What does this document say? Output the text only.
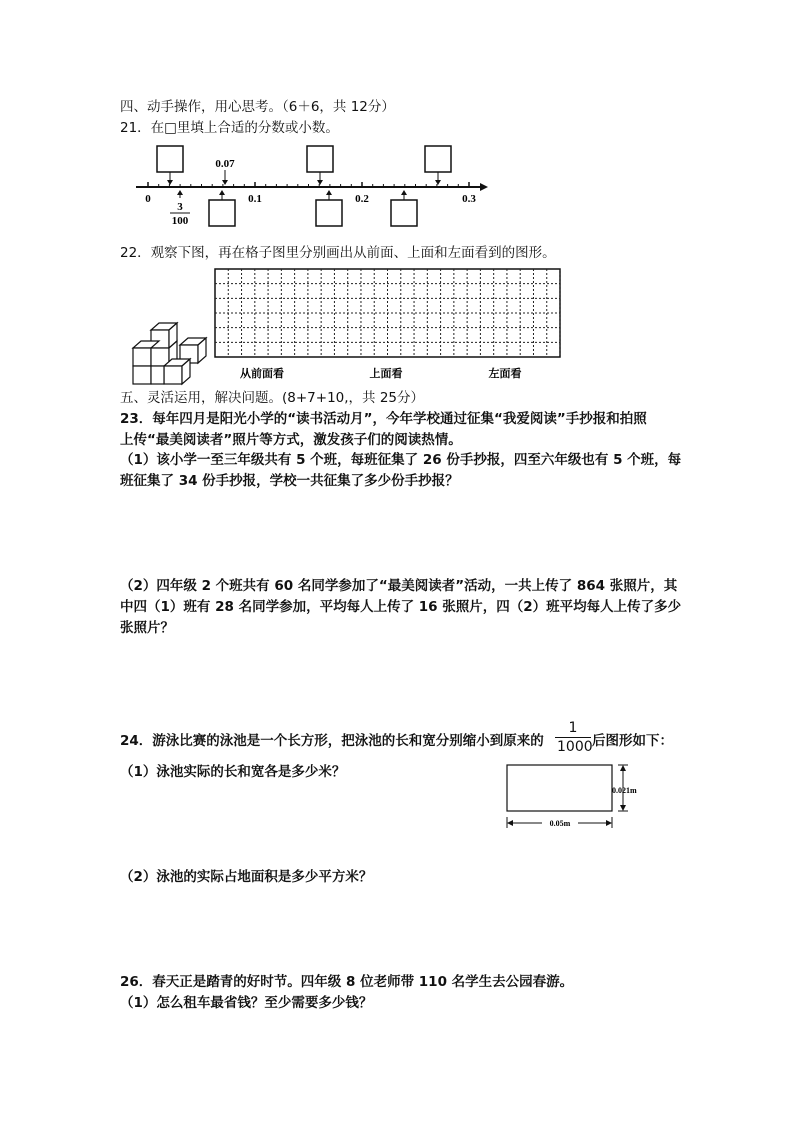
四、动手操作，用心思考。（6＋6，共 12分）
21．在□里填上合适的分数或小数。
0.07
0	0.1	0.2	0.3
3
100
22．观察下图，再在格子图里分别画出从前面、上面和左面看到的图形。
从前面看	上面看	左面看
五、灵活运用，解决问题。(8+7+10,，共 25分）
23．每年四月是阳光小学的“读书活动月”，今年学校通过征集“我爱阅读”手抄报和拍照
上传“最美阅读者”照片等方式，激发孩子们的阅读热情。
（1）该小学一至三年级共有 5 个班，每班征集了 26 份手抄报，四至六年级也有 5 个班，每
班征集了 34 份手抄报，学校一共征集了多少份手抄报？
（2）四年级 2 个班共有 60 名同学参加了“最美阅读者”活动，一共上传了 864 张照片，其
中四（1）班有 28 名同学参加，平均每人上传了 16 张照片，四（2）班平均每人上传了多少
张照片？
24．游泳比赛的泳池是一个长方形，把泳池的长和宽分别缩小到原来的 $\frac{1}{1000}$ 后图形如下：
（1）泳池实际的长和宽各是多少米？
0.021m
0.05m
（2）泳池的实际占地面积是多少平方米？
26．春天正是踏青的好时节。四年级 8 位老师带 110 名学生去公园春游。
（1）怎么租车最省钱？至少需要多少钱？
